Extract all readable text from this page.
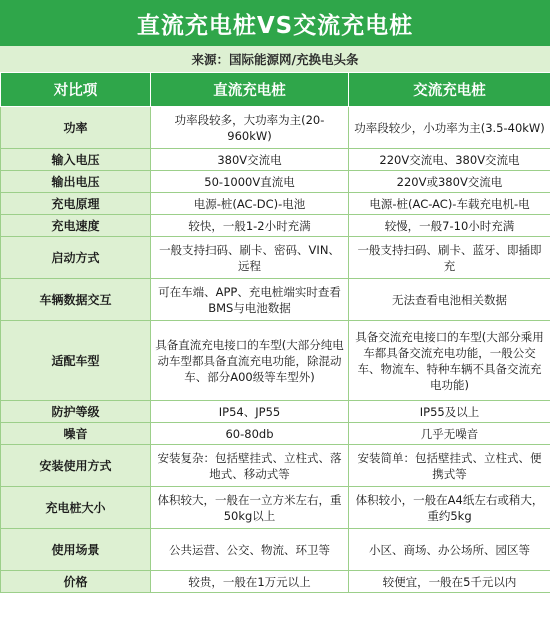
直流充电桩VS交流充电桩
来源：国际能源网/充换电头条
对比项	直流充电桩	交流充电桩
功率	功率段较多，大功率为主(20-960kW)	功率段较少，小功率为主(3.5-40kW)
输入电压	380V交流电	220V交流电、380V交流电
输出电压	50-1000V直流电	220V或380V交流电
充电原理	电源-桩(AC-DC)-电池	电源-桩(AC-AC)-车载充电机-电
充电速度	较快，一般1-2小时充满	较慢，一般7-10小时充满
启动方式	一般支持扫码、刷卡、密码、VIN、远程	一般支持扫码、刷卡、蓝牙、即插即充
车辆数据交互	可在车端、APP、充电桩端实时查看BMS与电池数据	无法查看电池相关数据
适配车型	具备直流充电接口的车型(大部分纯电动车型都具备直流充电功能，除混动车、部分A00级等车型外)	具备交流充电接口的车型(大部分乘用车都具备交流充电功能，一般公交车、物流车、特种车辆不具备交流充电功能)
防护等级	IP54、JP55	IP55及以上
噪音	60-80db	几乎无噪音
安装使用方式	安装复杂：包括壁挂式、立柱式、落地式、移动式等	安装简单：包括壁挂式、立柱式、便携式等
充电桩大小	体积较大，一般在一立方米左右，重50kg以上	体积较小，一般在A4纸左右或稍大，重约5kg
使用场景	公共运营、公交、物流、环卫等	小区、商场、办公场所、园区等
价格	较贵，一般在1万元以上	较便宜，一般在5千元以内
